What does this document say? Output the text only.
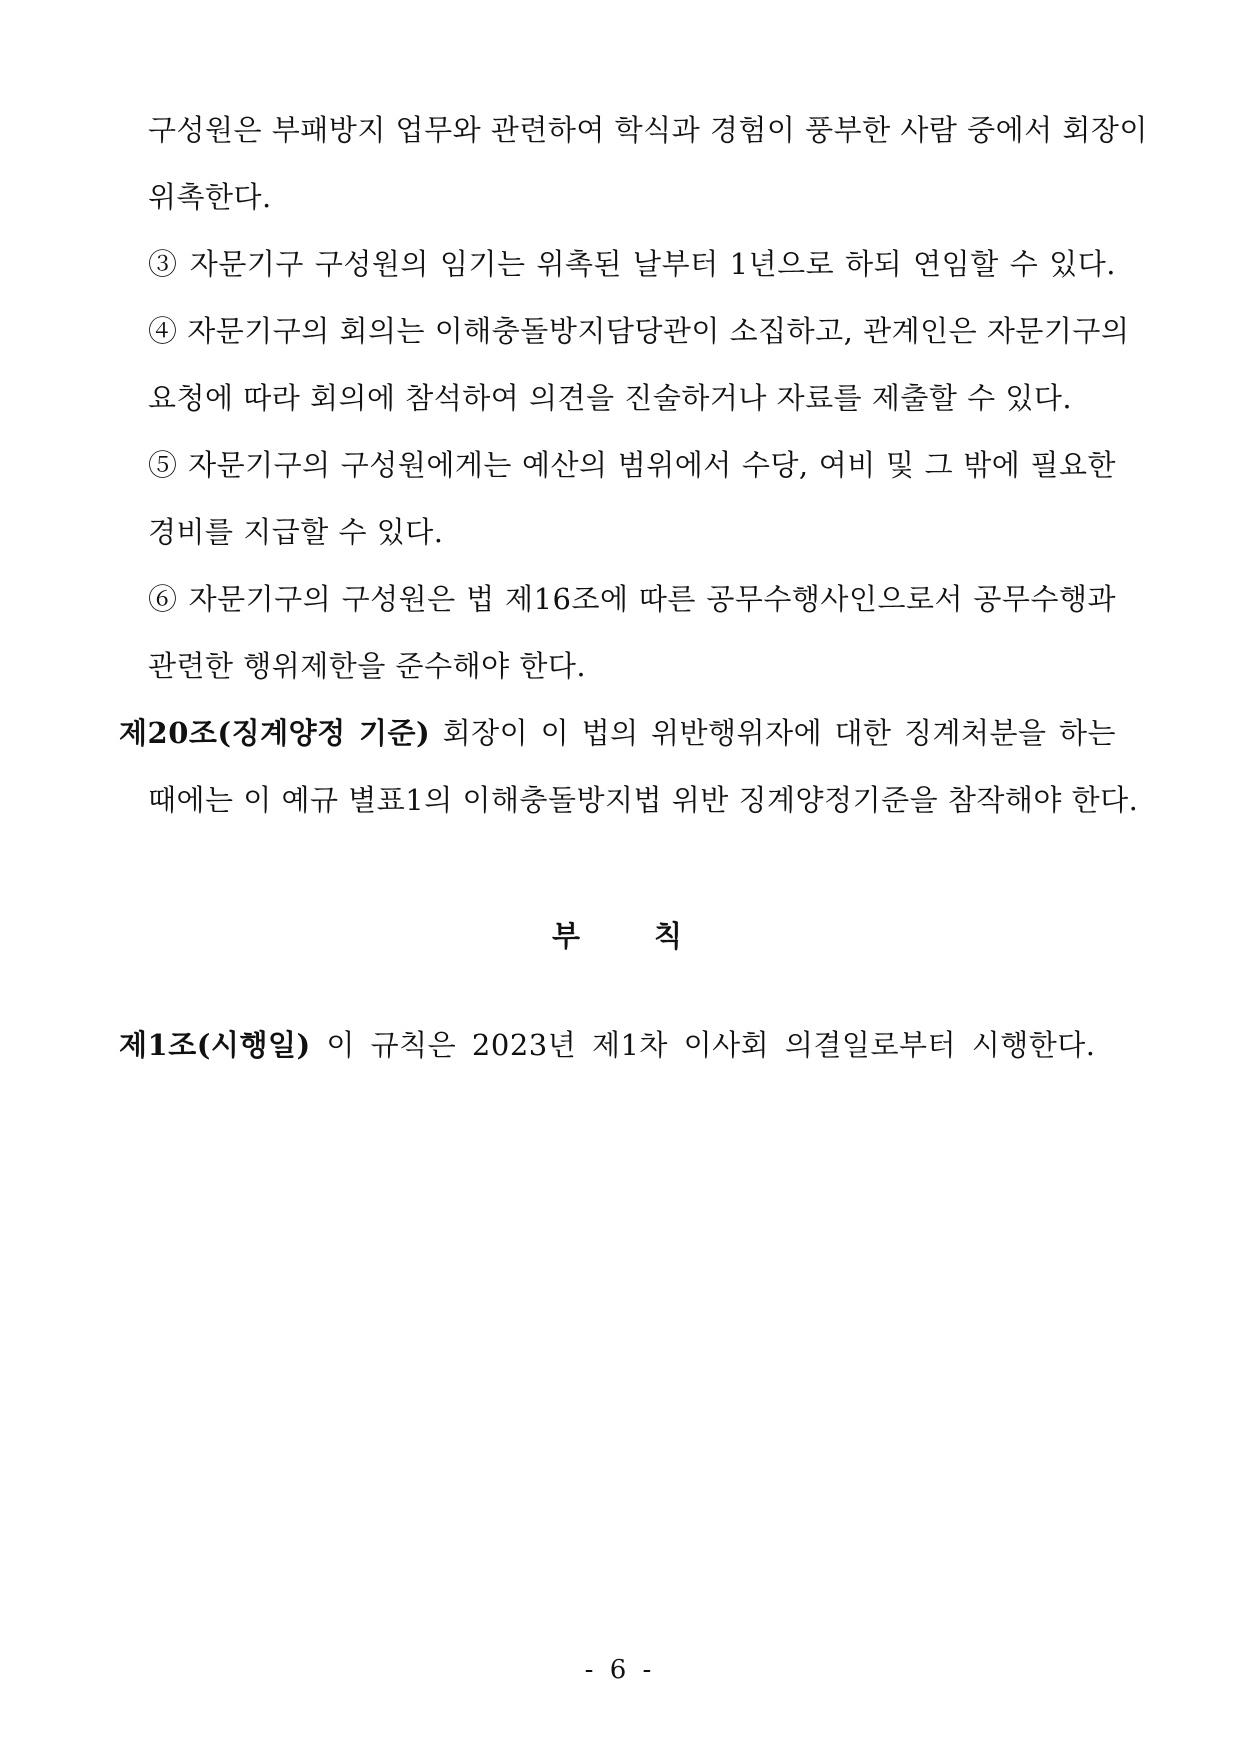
구성원은 부패방지 업무와 관련하여 학식과 경험이 풍부한 사람 중에서 회장이
위촉한다.
③ 자문기구 구성원의 임기는 위촉된 날부터 1년으로 하되 연임할 수 있다.
④ 자문기구의 회의는 이해충돌방지담당관이 소집하고, 관계인은 자문기구의
요청에 따라 회의에 참석하여 의견을 진술하거나 자료를 제출할 수 있다.
⑤ 자문기구의 구성원에게는 예산의 범위에서 수당, 여비 및 그 밖에 필요한
경비를 지급할 수 있다.
⑥ 자문기구의 구성원은 법 제16조에 따른 공무수행사인으로서 공무수행과
관련한 행위제한을 준수해야 한다.
제20조(징계양정 기준) 회장이 이 법의 위반행위자에 대한 징계처분을 하는
때에는 이 예규 별표1의 이해충돌방지법 위반 징계양정기준을 참작해야 한다.
부 칙
제1조(시행일) 이 규칙은 2023년 제1차 이사회 의결일로부터 시행한다.
- 6 -
